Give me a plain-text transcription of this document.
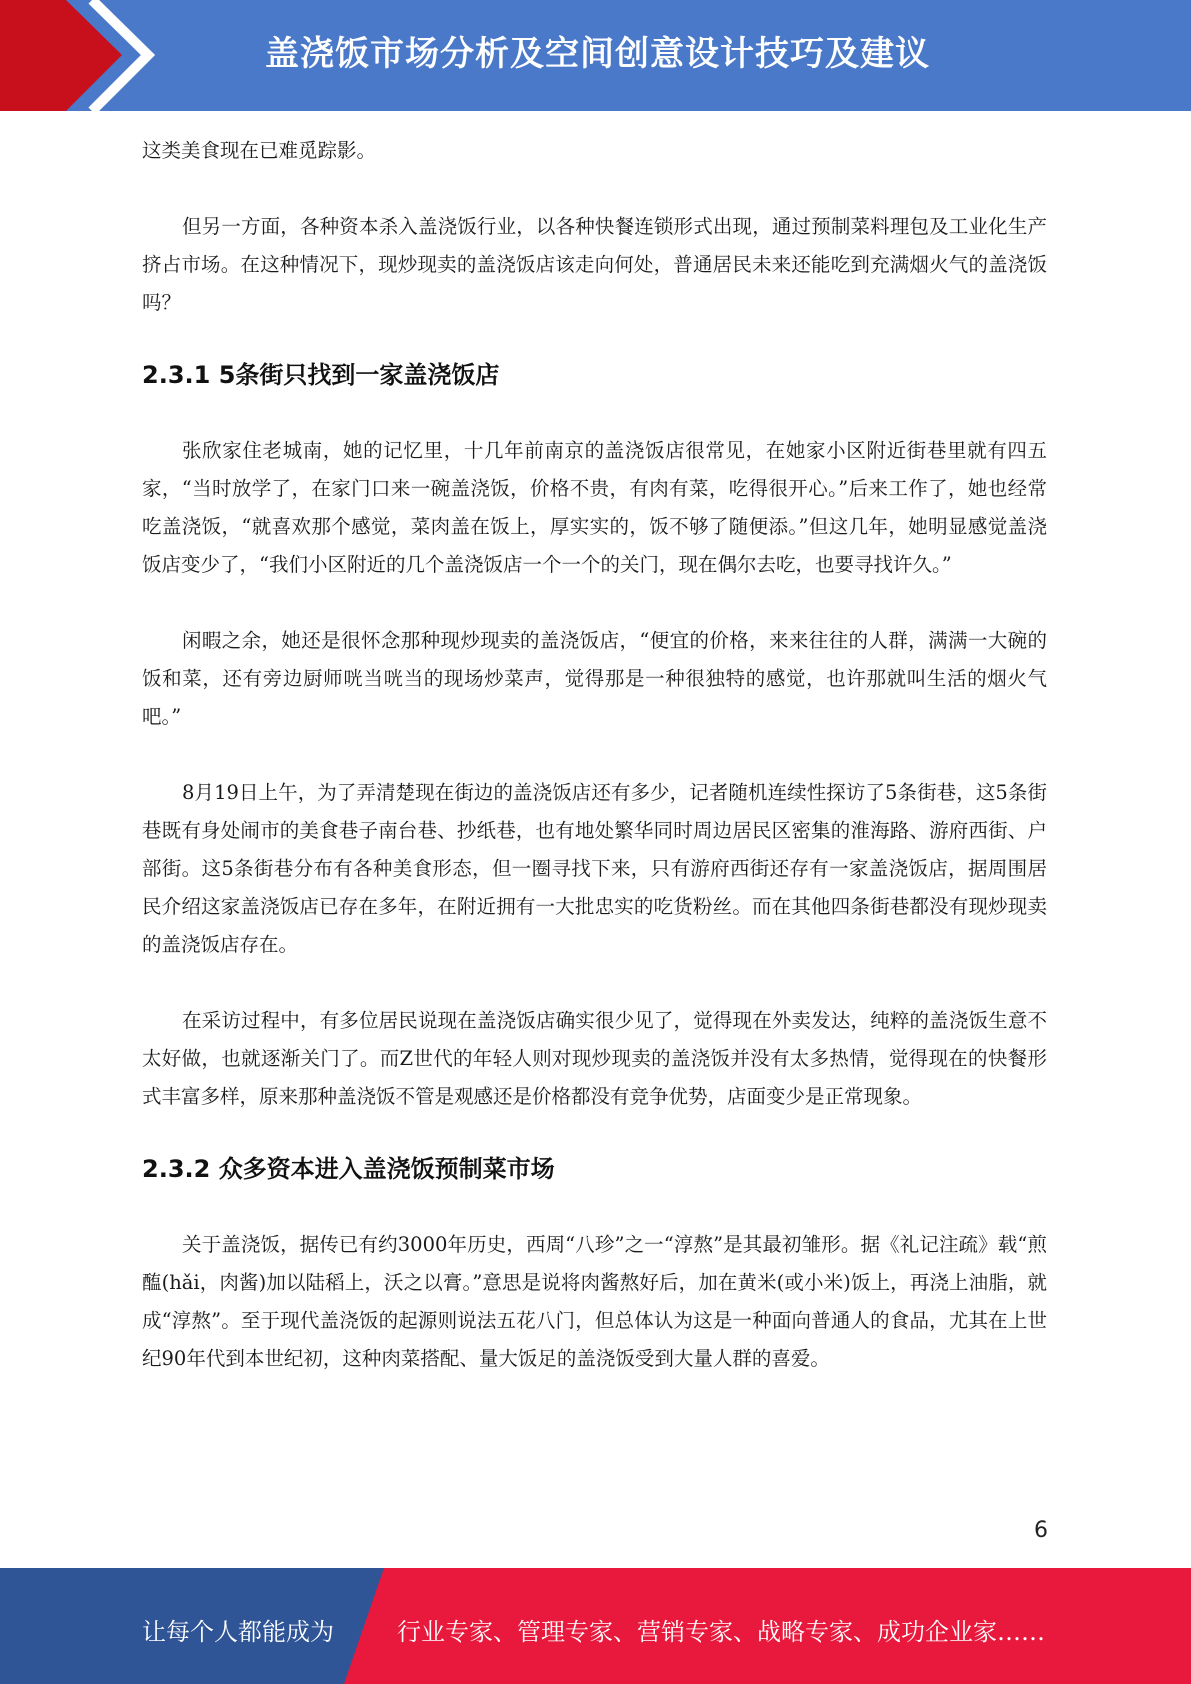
盖浇饭市场分析及空间创意设计技巧及建议

这类美食现在已难觅踪影。

但另一方面，各种资本杀入盖浇饭行业，以各种快餐连锁形式出现，通过预制菜料理包及工业化生产挤占市场。在这种情况下，现炒现卖的盖浇饭店该走向何处，普通居民未来还能吃到充满烟火气的盖浇饭吗？

2.3.1 5条街只找到一家盖浇饭店

张欣家住老城南，她的记忆里，十几年前南京的盖浇饭店很常见，在她家小区附近街巷里就有四五家，“当时放学了，在家门口来一碗盖浇饭，价格不贵，有肉有菜，吃得很开心。”后来工作了，她也经常吃盖浇饭，“就喜欢那个感觉，菜肉盖在饭上，厚实实的，饭不够了随便添。”但这几年，她明显感觉盖浇饭店变少了，“我们小区附近的几个盖浇饭店一个一个的关门，现在偶尔去吃，也要寻找许久。”

闲暇之余，她还是很怀念那种现炒现卖的盖浇饭店，“便宜的价格，来来往往的人群，满满一大碗的饭和菜，还有旁边厨师咣当咣当的现场炒菜声，觉得那是一种很独特的感觉，也许那就叫生活的烟火气吧。”

8月19日上午，为了弄清楚现在街边的盖浇饭店还有多少，记者随机连续性探访了5条街巷，这5条街巷既有身处闹市的美食巷子南台巷、抄纸巷，也有地处繁华同时周边居民区密集的淮海路、游府西街、户部街。这5条街巷分布有各种美食形态，但一圈寻找下来，只有游府西街还存有一家盖浇饭店，据周围居民介绍这家盖浇饭店已存在多年，在附近拥有一大批忠实的吃货粉丝。而在其他四条街巷都没有现炒现卖的盖浇饭店存在。

在采访过程中，有多位居民说现在盖浇饭店确实很少见了，觉得现在外卖发达，纯粹的盖浇饭生意不太好做，也就逐渐关门了。而Z世代的年轻人则对现炒现卖的盖浇饭并没有太多热情，觉得现在的快餐形式丰富多样，原来那种盖浇饭不管是观感还是价格都没有竞争优势，店面变少是正常现象。

2.3.2 众多资本进入盖浇饭预制菜市场

关于盖浇饭，据传已有约3000年历史，西周“八珍”之一“淳熬”是其最初雏形。据《礼记注疏》载“煎醢(hǎi，肉酱)加以陆稻上，沃之以膏。”意思是说将肉酱熬好后，加在黄米(或小米)饭上，再浇上油脂，就成“淳熬”。至于现代盖浇饭的起源则说法五花八门，但总体认为这是一种面向普通人的食品，尤其在上世纪90年代到本世纪初，这种肉菜搭配、量大饭足的盖浇饭受到大量人群的喜爱。

6
让每个人都能成为	行业专家、管理专家、营销专家、战略专家、成功企业家……
